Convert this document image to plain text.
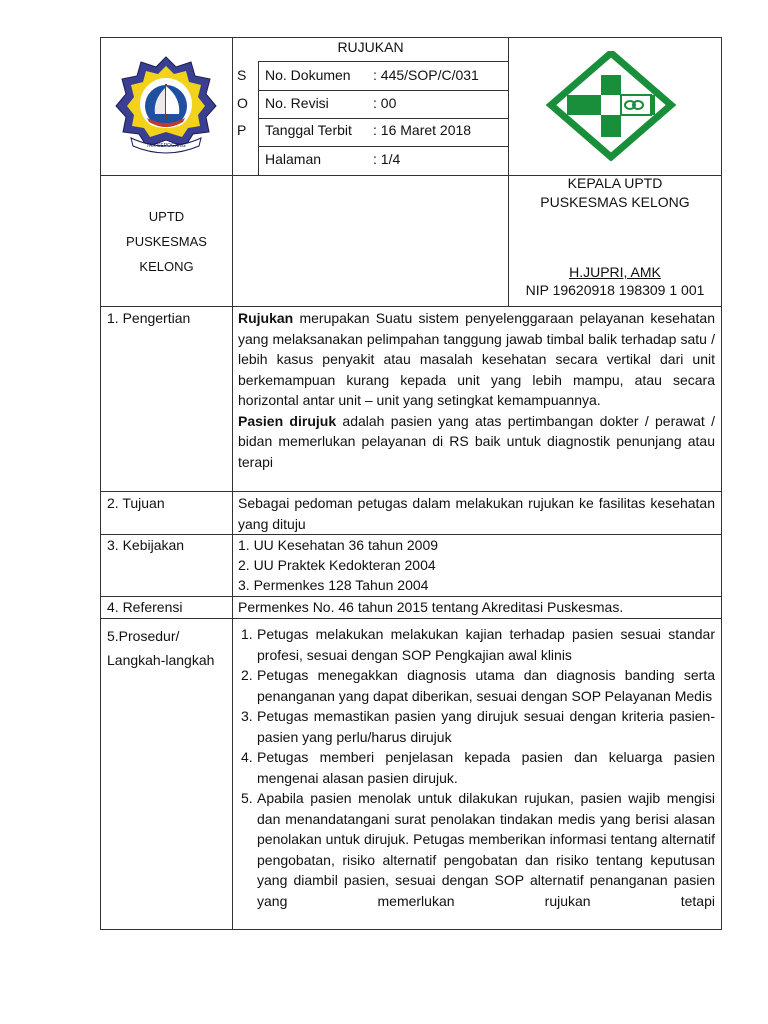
TAK SEPOGANG
RUJUKAN
S
O
P
No. Dokumen : 445/SOP/C/031
No. Revisi	: 00
Tanggal Terbit : 16 Maret 2018
Halaman	: 1/4
UPTD
PUSKESMAS
KELONG
KEPALA UPTD
PUSKESMAS KELONG
H.JUPRI, AMK
NIP 19620918 198309 1 001
1. Pengertian	Rujukan merupakan Suatu sistem penyelenggaraan pelayanan kesehatan yang melaksanakan pelimpahan tanggung jawab timbal balik terhadap satu / lebih kasus penyakit atau masalah kesehatan secara vertikal dari unit berkemampuan kurang kepada unit yang lebih mampu, atau secara horizontal antar unit – unit yang setingkat kemampuannya.
Pasien dirujuk adalah pasien yang atas pertimbangan dokter / perawat / bidan memerlukan pelayanan di RS baik untuk diagnostik penunjang atau terapi
2. Tujuan	Sebagai pedoman petugas dalam melakukan rujukan ke fasilitas kesehatan yang dituju
3. Kebijakan	1. UU Kesehatan 36 tahun 2009
2. UU Praktek Kedokteran 2004
3. Permenkes 128 Tahun 2004
4. Referensi	Permenkes No. 46 tahun 2015 tentang Akreditasi Puskesmas.
5.Prosedur/
Langkah-langkah
1. Petugas melakukan melakukan kajian terhadap pasien sesuai standar profesi, sesuai dengan SOP Pengkajian awal klinis
2. Petugas menegakkan diagnosis utama dan diagnosis banding serta penanganan yang dapat diberikan, sesuai dengan SOP Pelayanan Medis
3. Petugas memastikan pasien yang dirujuk sesuai dengan kriteria pasien-pasien yang perlu/harus dirujuk
4. Petugas memberi penjelasan kepada pasien dan keluarga pasien mengenai alasan pasien dirujuk.
5. Apabila pasien menolak untuk dilakukan rujukan, pasien wajib mengisi dan menandatangani surat penolakan tindakan medis yang berisi alasan penolakan untuk dirujuk. Petugas memberikan informasi tentang alternatif pengobatan, risiko alternatif pengobatan dan risiko tentang keputusan yang diambil pasien, sesuai dengan SOP alternatif penanganan pasien yang memerlukan rujukan tetapi
